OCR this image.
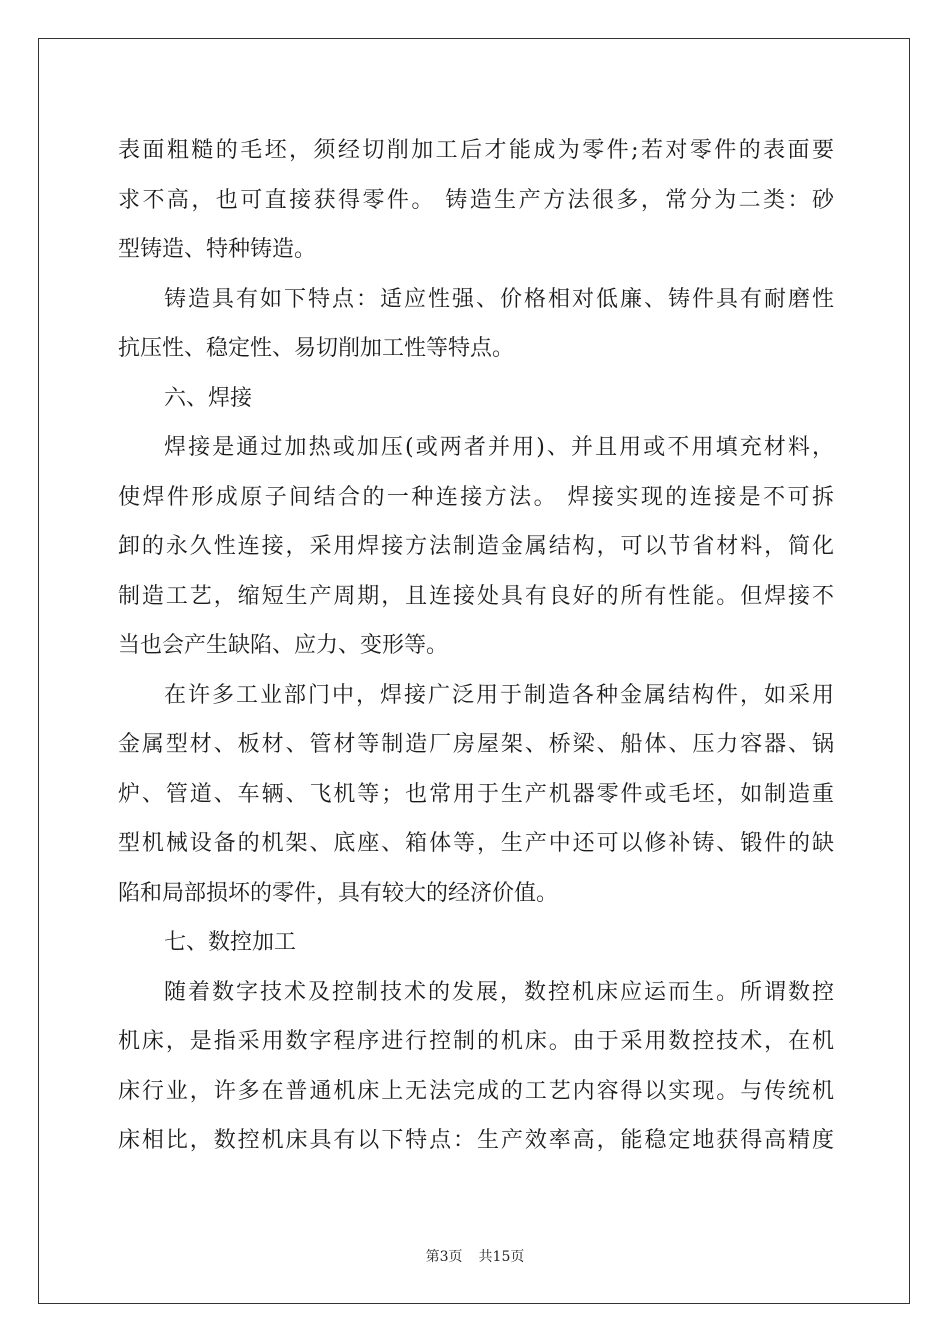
表面粗糙的毛坯，须经切削加工后才能成为零件;若对零件的表面要
求不高，也可直接获得零件。 铸造生产方法很多，常分为二类：砂
型铸造、特种铸造。
铸造具有如下特点：适应性强、价格相对低廉、铸件具有耐磨性
抗压性、稳定性、易切削加工性等特点。
六、焊接
焊接是通过加热或加压(或两者并用)、并且用或不用填充材料，
使焊件形成原子间结合的一种连接方法。 焊接实现的连接是不可拆
卸的永久性连接，采用焊接方法制造金属结构，可以节省材料，简化
制造工艺，缩短生产周期，且连接处具有良好的所有性能。但焊接不
当也会产生缺陷、应力、变形等。
在许多工业部门中，焊接广泛用于制造各种金属结构件，如采用
金属型材、板材、管材等制造厂房屋架、桥梁、船体、压力容器、锅
炉、管道、车辆、飞机等；也常用于生产机器零件或毛坯，如制造重
型机械设备的机架、底座、箱体等，生产中还可以修补铸、锻件的缺
陷和局部损坏的零件，具有较大的经济价值。
七、数控加工
随着数字技术及控制技术的发展，数控机床应运而生。所谓数控
机床，是指采用数字程序进行控制的机床。由于采用数控技术，在机
床行业，许多在普通机床上无法完成的工艺内容得以实现。与传统机
床相比，数控机床具有以下特点：生产效率高，能稳定地获得高精度
第3页 共15页
